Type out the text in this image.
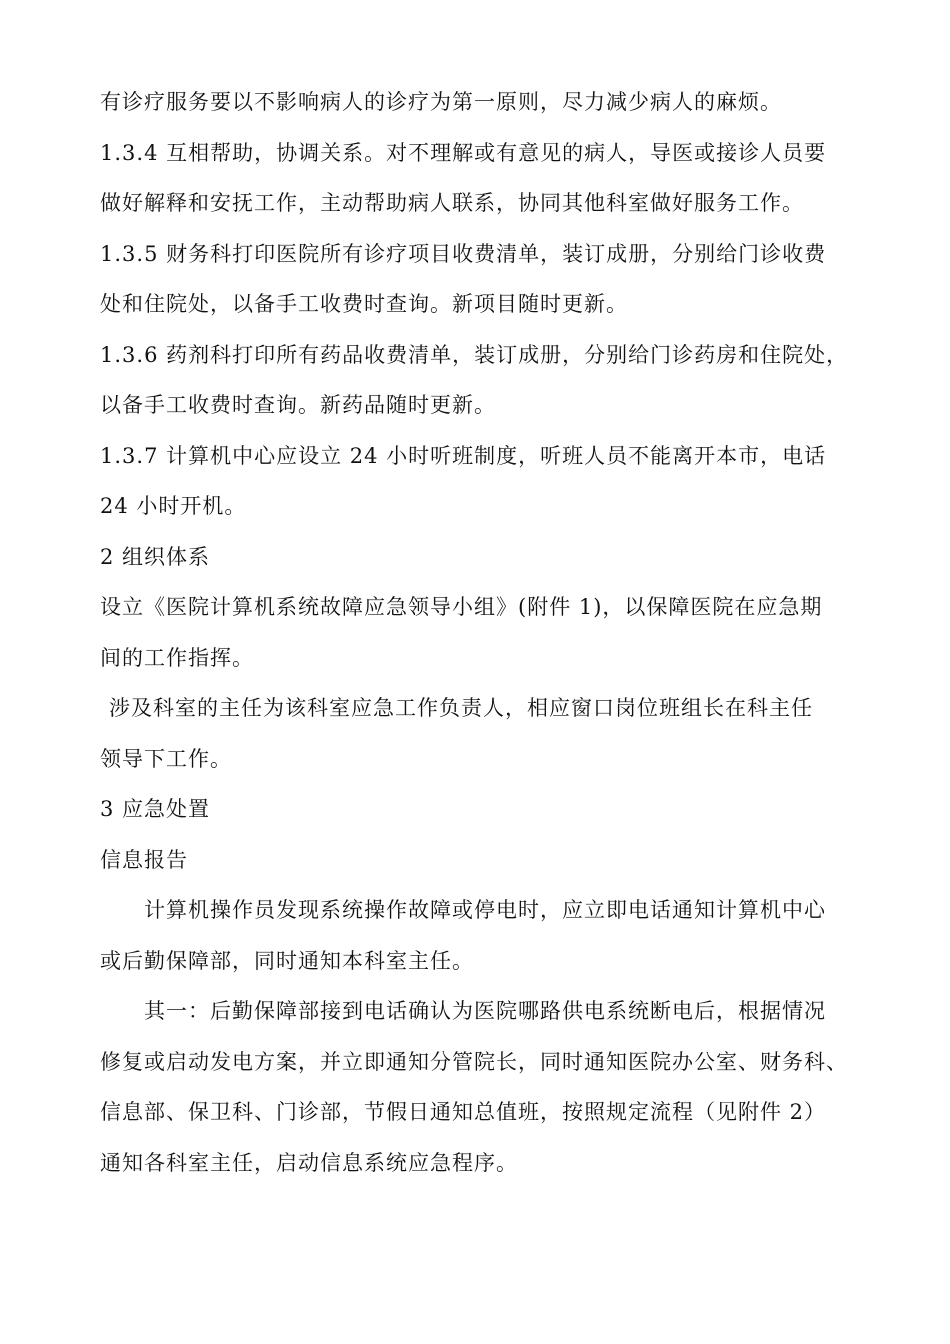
有诊疗服务要以不影响病人的诊疗为第一原则，尽力减少病人的麻烦。
1.3.4 互相帮助，协调关系。对不理解或有意见的病人，导医或接诊人员要
做好解释和安抚工作，主动帮助病人联系，协同其他科室做好服务工作。
1.3.5 财务科打印医院所有诊疗项目收费清单，装订成册，分别给门诊收费
处和住院处，以备手工收费时查询。新项目随时更新。
1.3.6 药剂科打印所有药品收费清单，装订成册，分别给门诊药房和住院处，
以备手工收费时查询。新药品随时更新。
1.3.7 计算机中心应设立 24 小时听班制度，听班人员不能离开本市，电话
24 小时开机。
2 组织体系
设立《医院计算机系统故障应急领导小组》(附件 1)，以保障医院在应急期
间的工作指挥。
涉及科室的主任为该科室应急工作负责人，相应窗口岗位班组长在科主任
领导下工作。
3 应急处置
信息报告
计算机操作员发现系统操作故障或停电时，应立即电话通知计算机中心
或后勤保障部，同时通知本科室主任。
其一：后勤保障部接到电话确认为医院哪路供电系统断电后，根据情况
修复或启动发电方案，并立即通知分管院长，同时通知医院办公室、财务科、
信息部、保卫科、门诊部，节假日通知总值班，按照规定流程（见附件 2）
通知各科室主任，启动信息系统应急程序。
